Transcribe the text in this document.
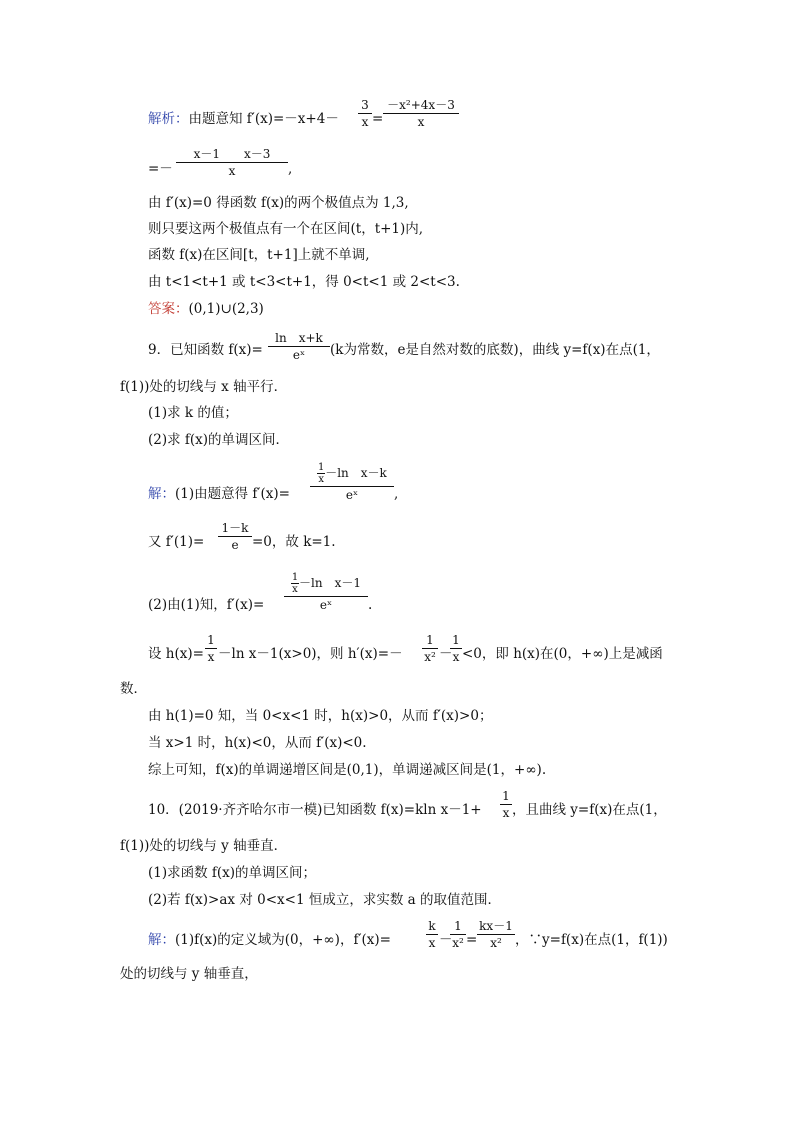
解析：由题意知 f′(x)=－x+4－
3
x =
－x²+4x－3
x
=－
x－1　　x－3
x	,
由 f′(x)=0 得函数 f(x)的两个极值点为 1,3,
则只要这两个极值点有一个在区间(t，t+1)内,
函数 f(x)在区间[t，t+1]上就不单调,
由 t<1<t+1 或 t<3<t+1，得 0<t<1 或 2<t<3.
答案：(0,1)∪(2,3)
9．已知函数 f(x)=
ln　x+k
eˣ	(k为常数，e是自然对数的底数)，曲线 y=f(x)在点(1，
f(1))处的切线与 x 轴平行．
(1)求 k 的值；
(2)求 f(x)的单调区间．
解：(1)由题意得 f′(x)=
$\frac{1}{x} -\ln$　x－k
eˣ	,
又 f′(1)=
1－k
e =0，故 k=1.
(2)由(1)知，f′(x)=
$\frac{1}{x} -\ln$　x－1
eˣ	.
设 h(x)=
1
x －ln x－1(x>0)，则 h′(x)=－
1
x² －
1
x <0，即 h(x)在(0，+∞)上是减函
数．
由 h(1)=0 知，当 0<x<1 时，h(x)>0，从而 f′(x)>0；
当 x>1 时，h(x)<0，从而 f′(x)<0.
综上可知，f(x)的单调递增区间是(0,1)，单调递减区间是(1，+∞).
10．(2019·齐齐哈尔市一模)已知函数 f(x)=kln x－1+
1
x ，且曲线 y=f(x)在点(1，
f(1))处的切线与 y 轴垂直．
(1)求函数 f(x)的单调区间；
(2)若 f(x)>ax 对 0<x<1 恒成立，求实数 a 的取值范围．
解：(1)f(x)的定义域为(0，+∞)，f′(x)=
k
x －
1
x² =
kx－1
x² ，∵y=f(x)在点(1，f(1))
处的切线与 y 轴垂直，
